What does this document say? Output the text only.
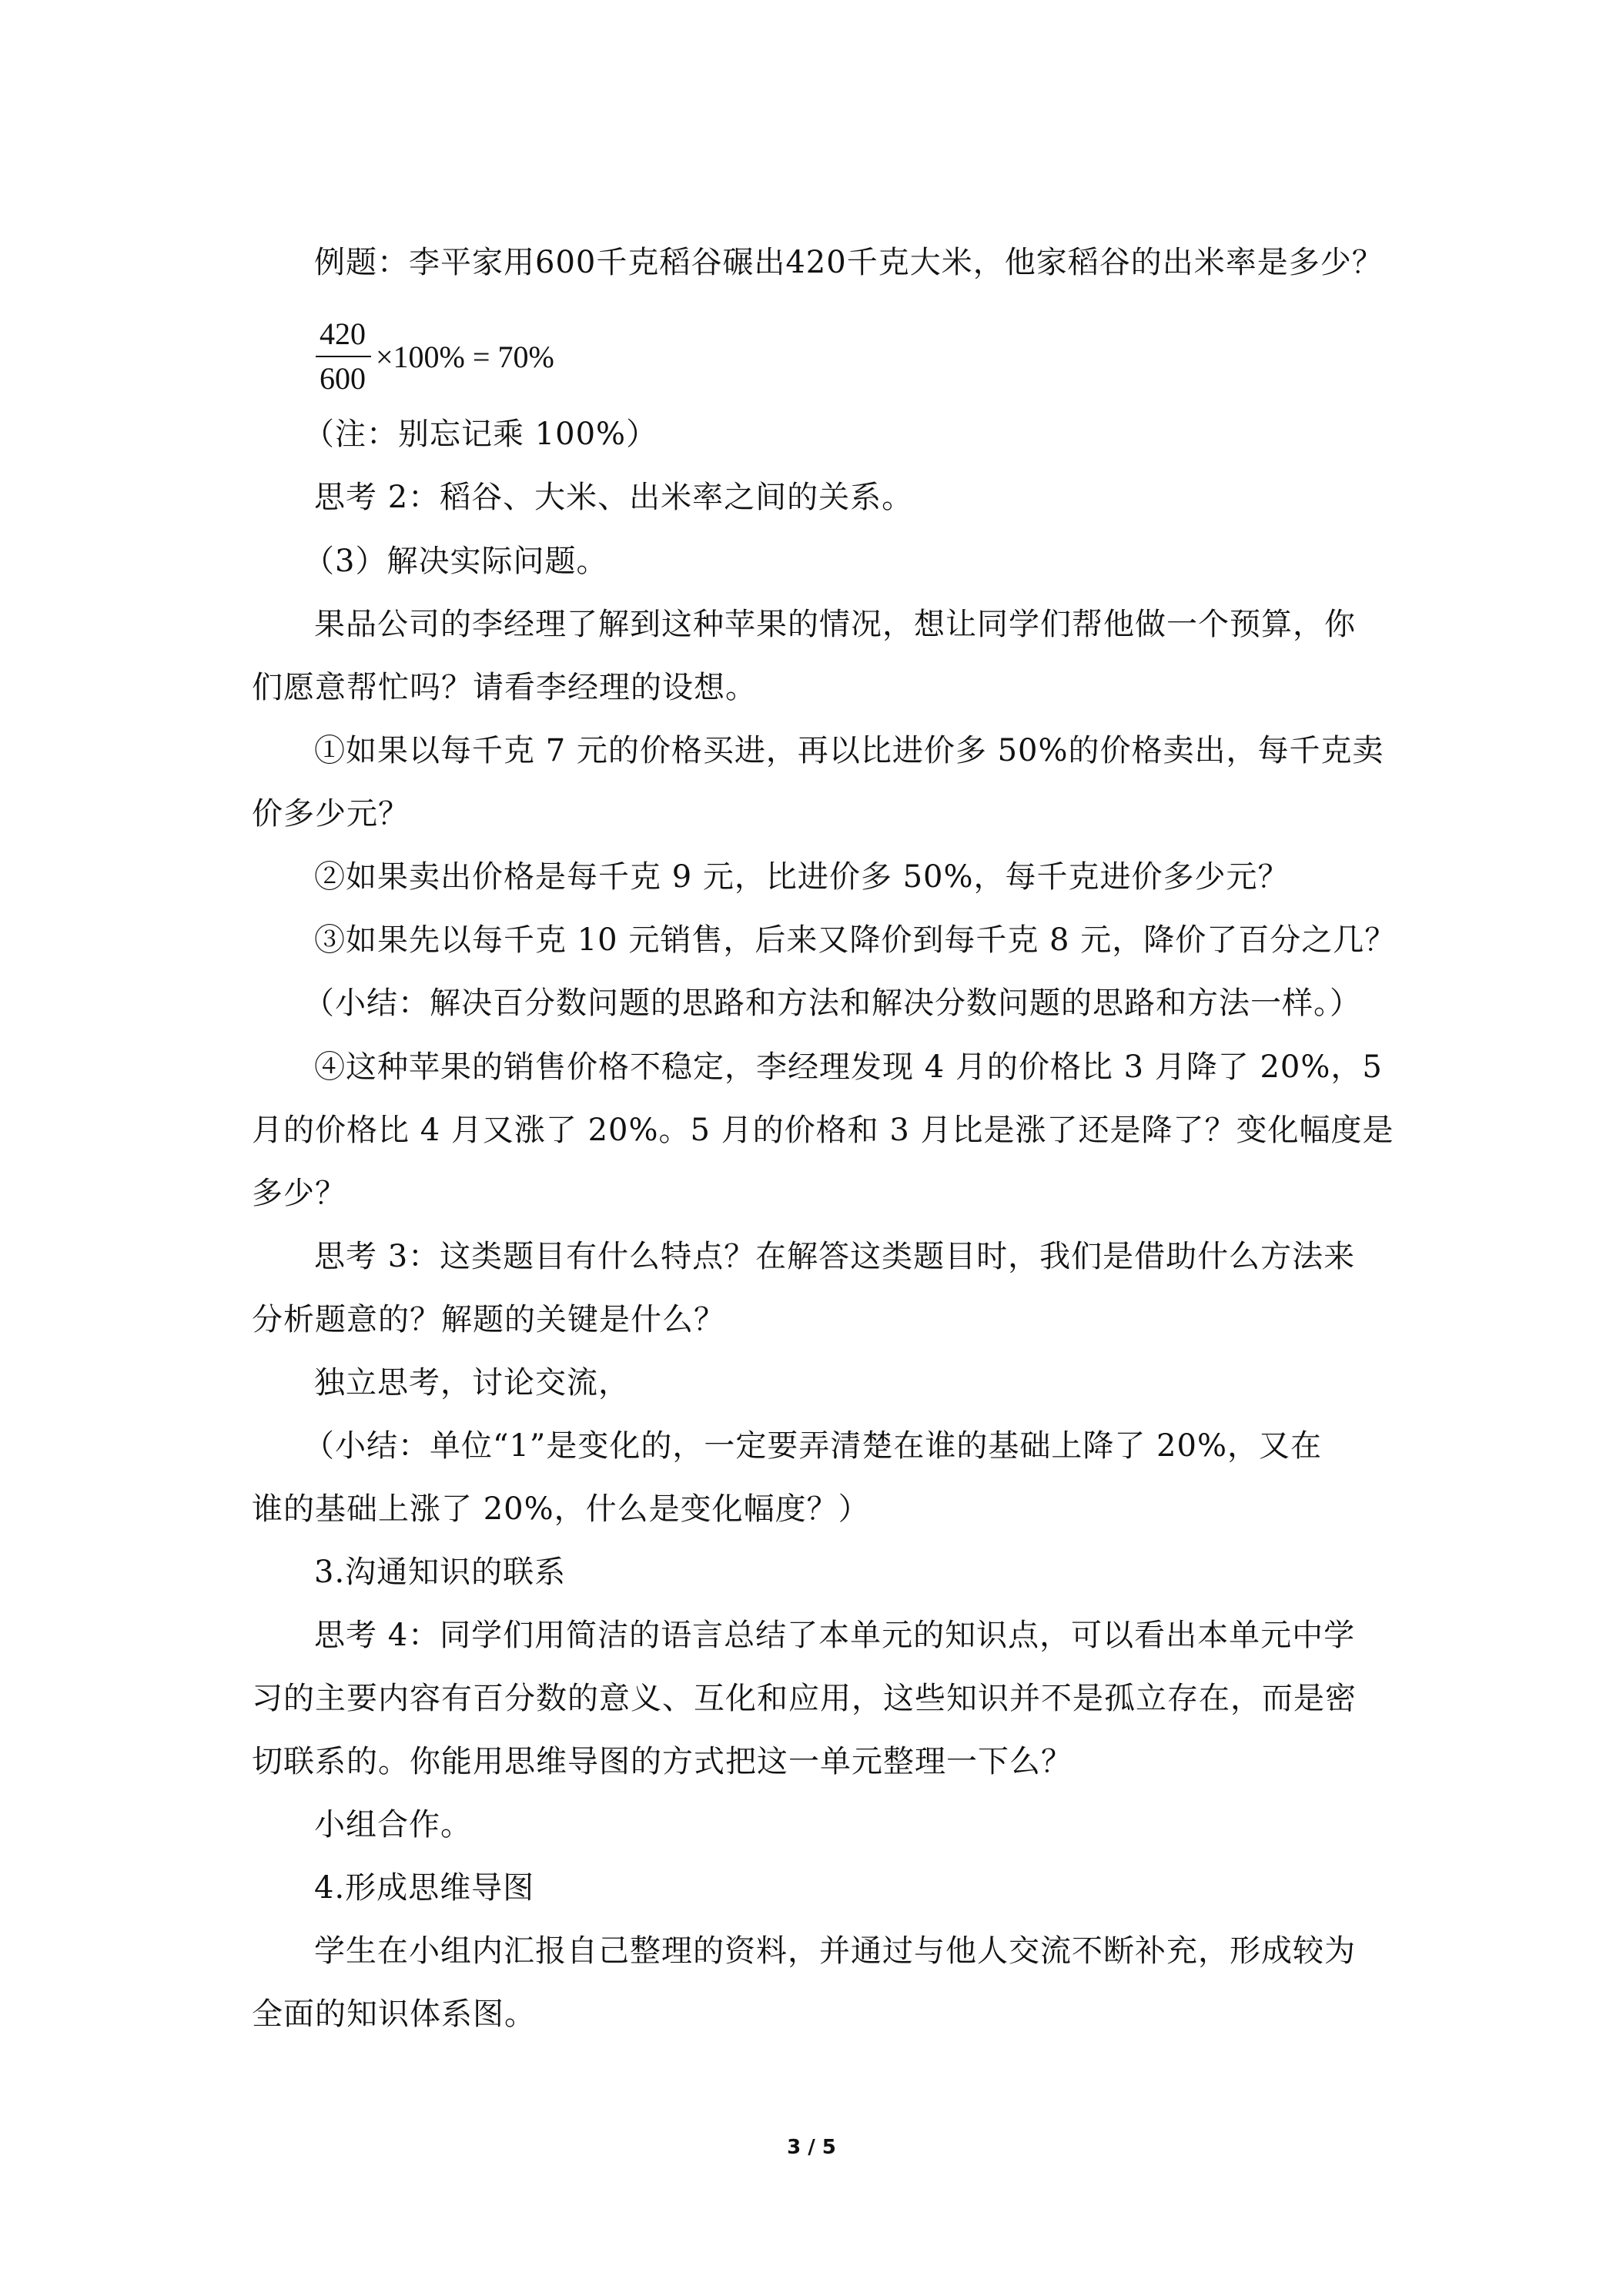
例题：李平家用600千克稻谷碾出420千克大米，他家稻谷的出米率是多少？
420
600
×100% = 70%
（注：别忘记乘 100%）
思考 2：稻谷、大米、出米率之间的关系。
（3）解决实际问题。
果品公司的李经理了解到这种苹果的情况，想让同学们帮他做一个预算，你
们愿意帮忙吗？请看李经理的设想。
①如果以每千克 7 元的价格买进，再以比进价多 50%的价格卖出，每千克卖
价多少元？
②如果卖出价格是每千克 9 元，比进价多 50%，每千克进价多少元？
③如果先以每千克 10 元销售，后来又降价到每千克 8 元，降价了百分之几？
（小结：解决百分数问题的思路和方法和解决分数问题的思路和方法一样。）
④这种苹果的销售价格不稳定，李经理发现 4 月的价格比 3 月降了 20%，5
月的价格比 4 月又涨了 20%。5 月的价格和 3 月比是涨了还是降了？变化幅度是
多少？
思考 3：这类题目有什么特点？在解答这类题目时，我们是借助什么方法来
分析题意的？解题的关键是什么？
独立思考，讨论交流，
（小结：单位“1”是变化的，一定要弄清楚在谁的基础上降了 20%，又在
谁的基础上涨了 20%，什么是变化幅度？）
3.沟通知识的联系
思考 4：同学们用简洁的语言总结了本单元的知识点，可以看出本单元中学
习的主要内容有百分数的意义、互化和应用，这些知识并不是孤立存在，而是密
切联系的。你能用思维导图的方式把这一单元整理一下么？
小组合作。
4.形成思维导图
学生在小组内汇报自己整理的资料，并通过与他人交流不断补充，形成较为
全面的知识体系图。
3 / 5
